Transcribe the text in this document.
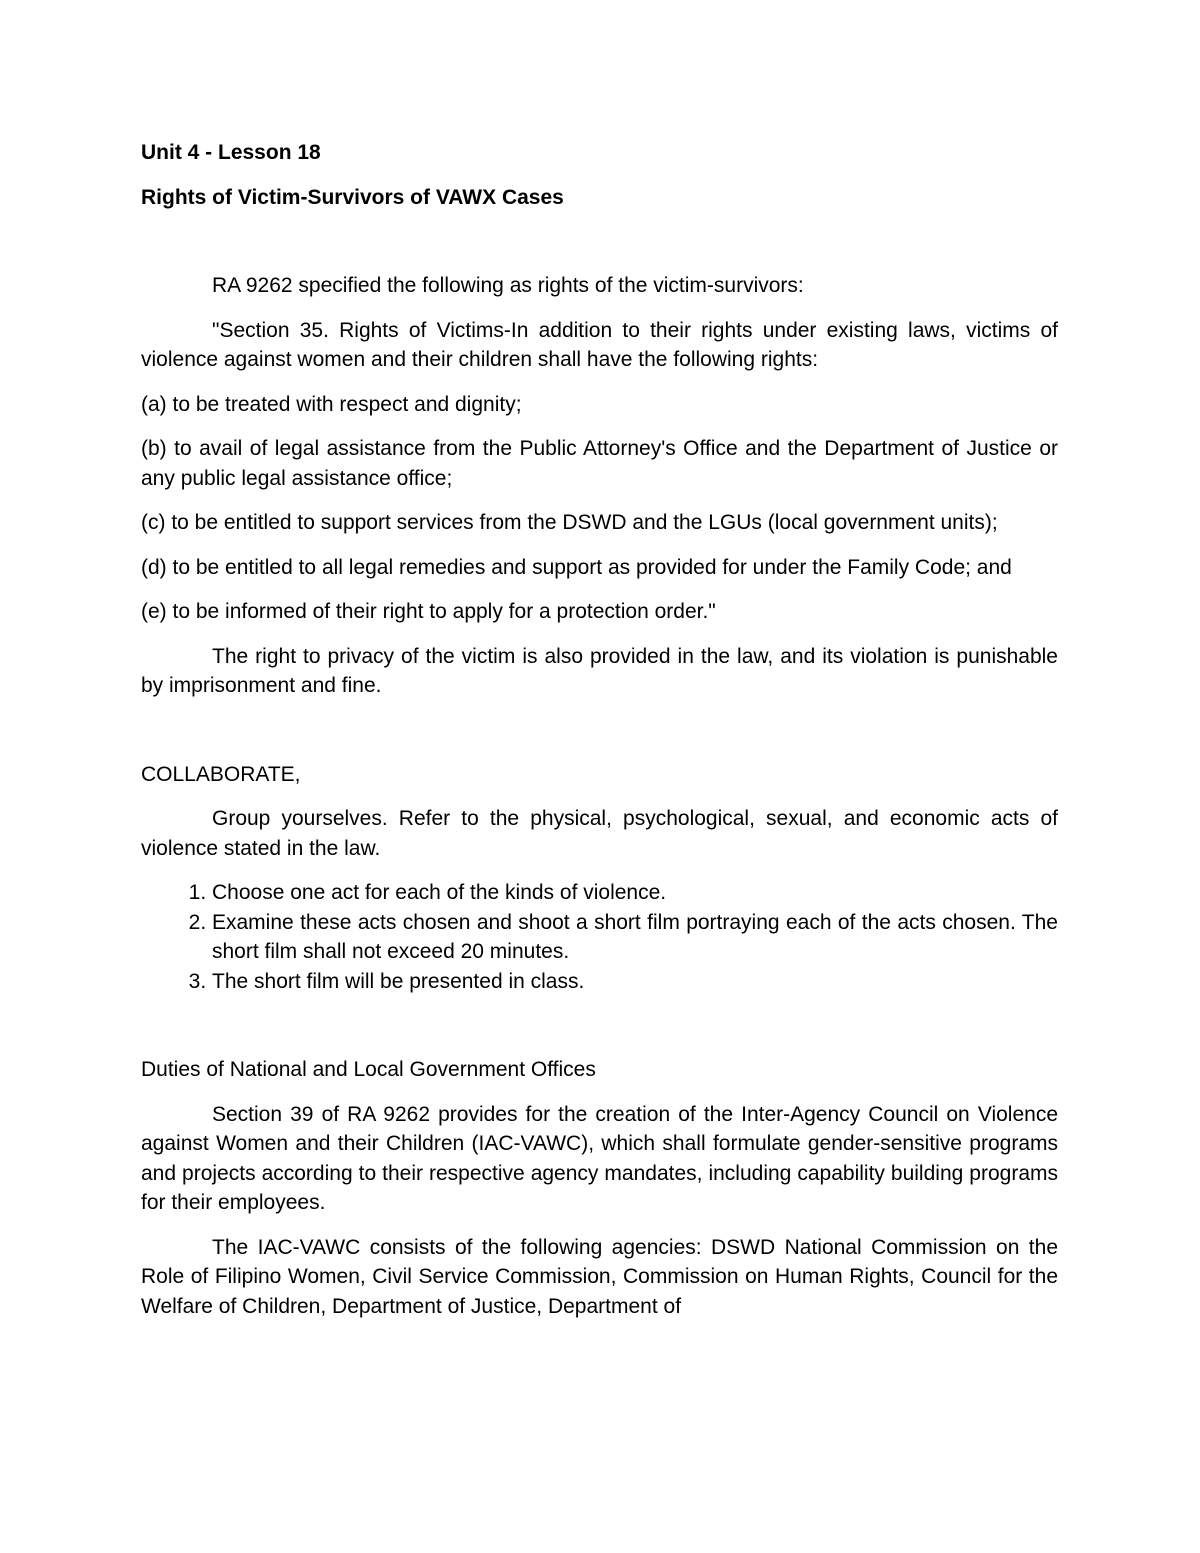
Unit 4 - Lesson 18
Rights of Victim-Survivors of VAWX Cases

RA 9262 specified the following as rights of the victim-survivors:

"Section 35. Rights of Victims-In addition to their rights under existing laws, victims of violence against women and their children shall have the following rights:

(a) to be treated with respect and dignity;

(b) to avail of legal assistance from the Public Attorney's Office and the Department of Justice or any public legal assistance office;

(c) to be entitled to support services from the DSWD and the LGUs (local government units);

(d) to be entitled to all legal remedies and support as provided for under the Family Code; and

(e) to be informed of their right to apply for a protection order."

The right to privacy of the victim is also provided in the law, and its violation is punishable by imprisonment and fine.

COLLABORATE,

Group yourselves. Refer to the physical, psychological, sexual, and economic acts of violence stated in the law.

1. Choose one act for each of the kinds of violence.
2. Examine these acts chosen and shoot a short film portraying each of the acts chosen. The short film shall not exceed 20 minutes.
3. The short film will be presented in class.

Duties of National and Local Government Offices

Section 39 of RA 9262 provides for the creation of the Inter-Agency Council on Violence against Women and their Children (IAC-VAWC), which shall formulate gender-sensitive programs and projects according to their respective agency mandates, including capability building programs for their employees.

The IAC-VAWC consists of the following agencies: DSWD National Commission on the Role of Filipino Women, Civil Service Commission, Commission on Human Rights, Council for the Welfare of Children, Department of Justice, Department of
